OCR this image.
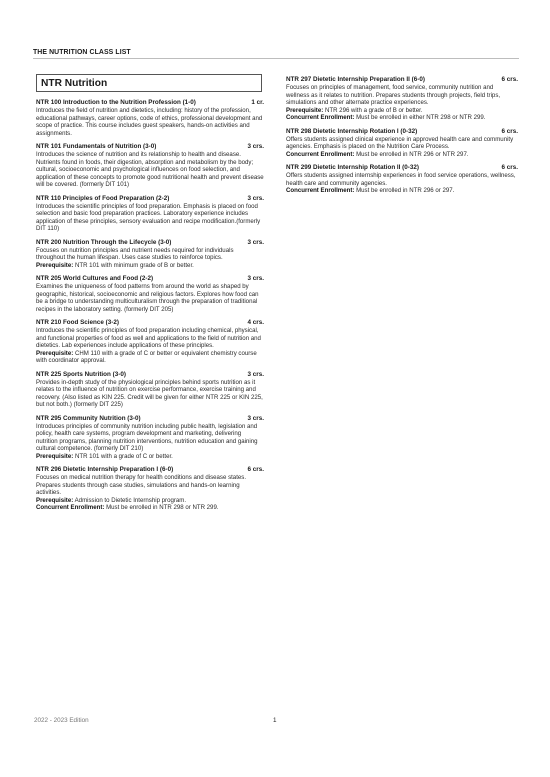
THE NUTRITION CLASS LIST
NTR Nutrition
NTR 100 Introduction to the Nutrition Profession (1-0)	1 cr.
Introduces the field of nutrition and dietetics, including: history of the profession, educational pathways, career options, code of ethics, professional development and scope of practice. This course includes guest speakers, hands-on activities and assignments.
NTR 101 Fundamentals of Nutrition (3-0)	3 crs.
Introduces the science of nutrition and its relationship to health and disease. Nutrients found in foods, their digestion, absorption and metabolism by the body; cultural, socioeconomic and psychological influences on food selection, and application of these concepts to promote good nutritional health and prevent disease will be covered. (formerly DIT 101)
NTR 110 Principles of Food Preparation (2-2)	3 crs.
Introduces the scientific principles of food preparation. Emphasis is placed on food selection and basic food preparation practices. Laboratory experience includes application of these principles, sensory evaluation and recipe modification.(formerly DIT 110)
NTR 200 Nutrition Through the Lifecycle (3-0)	3 crs.
Focuses on nutrition principles and nutrient needs required for individuals throughout the human lifespan. Uses case studies to reinforce topics.
Prerequisite: NTR 101 with minimum grade of B or better.
NTR 205 World Cultures and Food (2-2)	3 crs.
Examines the uniqueness of food patterns from around the world as shaped by geographic, historical, socioeconomic and religious factors. Explores how food can be a bridge to understanding multiculturalism through the preparation of traditional recipes in the laboratory setting. (formerly DIT 205)
NTR 210 Food Science (3-2)	4 crs.
Introduces the scientific principles of food preparation including chemical, physical, and functional properties of food as well and applications to the field of nutrition and dietetics. Lab experiences include applications of these principles.
Prerequisite: CHM 110 with a grade of C or better or equivalent chemistry course with coordinator approval.
NTR 225 Sports Nutrition (3-0)	3 crs.
Provides in-depth study of the physiological principles behind sports nutrition as it relates to the influence of nutrition on exercise performance, exercise training and recovery. (Also listed as KIN 225. Credit will be given for either NTR 225 or KIN 225, but not both.) (formerly DIT 225)
NTR 295 Community Nutrition (3-0)	3 crs.
Introduces principles of community nutrition including public health, legislation and policy, health care systems, program development and marketing, delivering nutrition programs, planning nutrition interventions, nutrition education and gaining cultural competence. (formerly DIT 210)
Prerequisite: NTR 101 with a grade of C or better.
NTR 296 Dietetic Internship Preparation I (6-0)	6 crs.
Focuses on medical nutrition therapy for health conditions and disease states. Prepares students through case studies, simulations and hands-on learning activities.
Prerequisite: Admission to Dietetic Internship program.
Concurrent Enrollment: Must be enrolled in NTR 298 or NTR 299.
NTR 297 Dietetic Internship Preparation II (6-0)	6 crs.
Focuses on principles of management, food service, community nutrition and wellness as it relates to nutrition. Prepares students through projects, field trips, simulations and other alternate practice experiences.
Prerequisite: NTR 296 with a grade of B or better.
Concurrent Enrollment: Must be enrolled in either NTR 298 or NTR 299.
NTR 298 Dietetic Internship Rotation I (0-32)	6 crs.
Offers students assigned clinical experience in approved health care and community agencies. Emphasis is placed on the Nutrition Care Process.
Concurrent Enrollment: Must be enrolled in NTR 296 or NTR 297.
NTR 299 Dietetic Internship Rotation II (0-32)	6 crs.
Offers students assigned internship experiences in food service operations, wellness, health care and community agencies.
Concurrent Enrollment: Must be enrolled in NTR 296 or 297.
2022 - 2023 Edition	1
